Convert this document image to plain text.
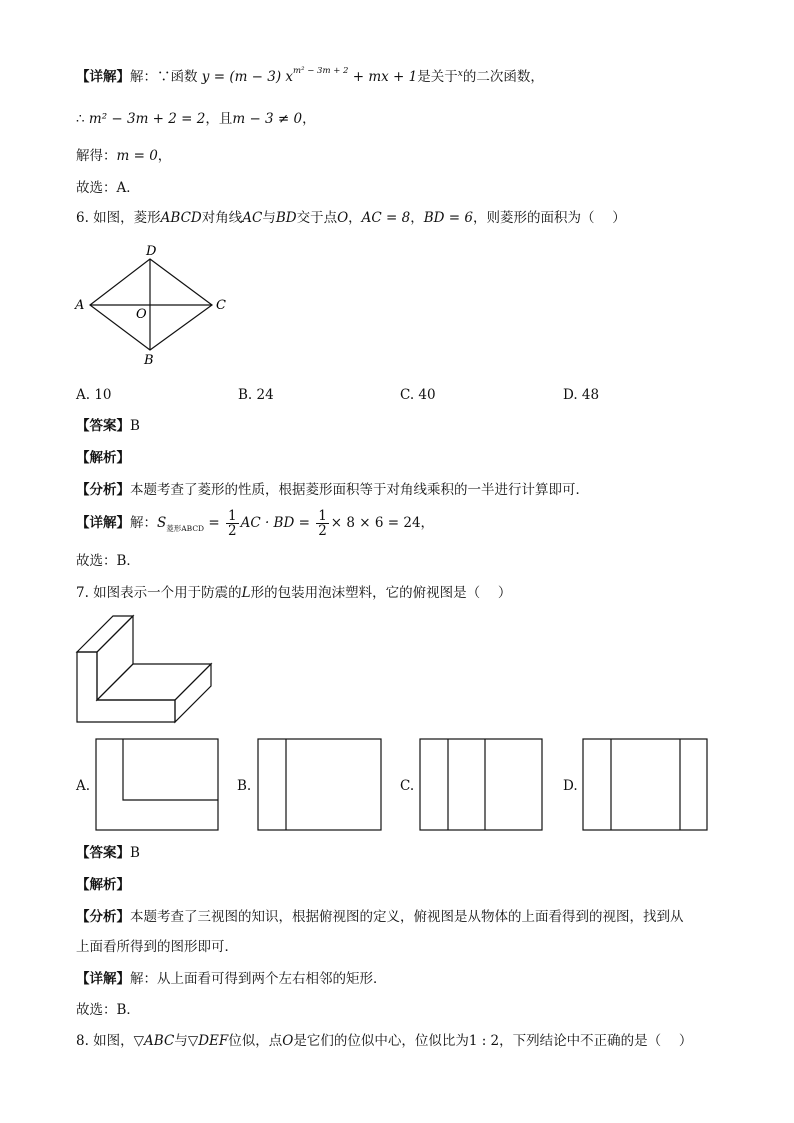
【详解】解：∵函数 y = (m − 3) $x^{m^2 - 3m + 2}$ + mx + 1是关于$^x$的二次函数，
∴ m² − 3m + 2 = 2，且m − 3 ≠ 0，
解得：m = 0，
故选：A．
6. 如图，菱形ABCD对角线AC与BD交于点O，AC = 8，BD = 6，则菱形的面积为（　 ）
D
A	C
O
B
A. 10	B. 24	C. 40	D. 48
【答案】B
【解析】
【分析】本题考查了菱形的性质，根据菱形面积等于对角线乘积的一半进行计算即可．
【详解】解：$S_{菱形ABCD} = \frac{1}{2}$ AC · BD = $\frac{1}{2} \times 8 \times 6 = 24$，
故选：B．
7. 如图表示一个用于防震的L形的包装用泡沫塑料，它的俯视图是（　 ）
A.	B.	C.	D.
【答案】B
【解析】
【分析】本题考查了三视图的知识，根据俯视图的定义，俯视图是从物体的上面看得到的视图，找到从
上面看所得到的图形即可．
【详解】解：从上面看可得到两个左右相邻的矩形．
故选：B．
8. 如图，▽ABC与▽DEF位似，点O是它们的位似中心，位似比为1 : 2，下列结论中不正确的是（　 ）
